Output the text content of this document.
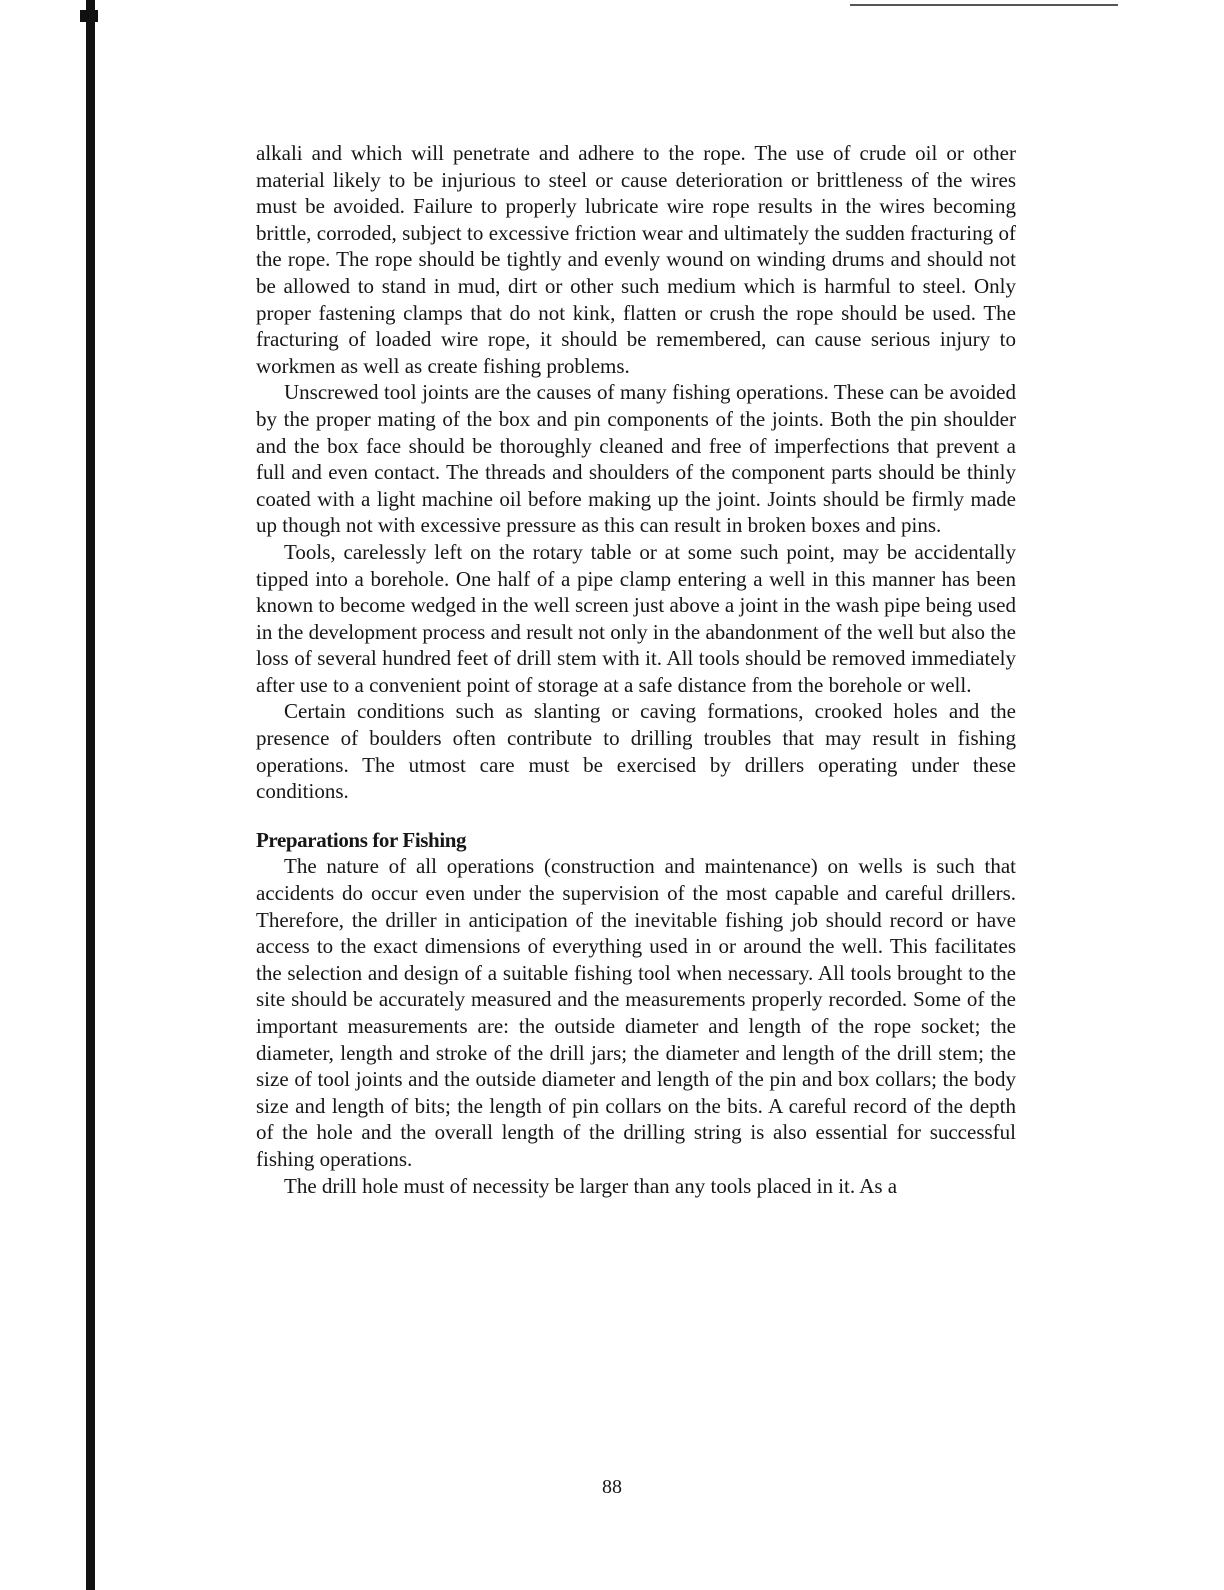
alkali and which will penetrate and adhere to the rope. The use of crude oil or other material likely to be injurious to steel or cause deterioration or brittleness of the wires must be avoided. Failure to properly lubricate wire rope results in the wires becoming brittle, corroded, subject to excessive friction wear and ultimately the sudden fracturing of the rope. The rope should be tightly and evenly wound on winding drums and should not be allowed to stand in mud, dirt or other such medium which is harmful to steel. Only proper fastening clamps that do not kink, flatten or crush the rope should be used. The fracturing of loaded wire rope, it should be remembered, can cause serious injury to workmen as well as create fishing problems.

Unscrewed tool joints are the causes of many fishing operations. These can be avoided by the proper mating of the box and pin components of the joints. Both the pin shoulder and the box face should be thoroughly cleaned and free of imperfections that prevent a full and even contact. The threads and shoulders of the component parts should be thinly coated with a light machine oil before making up the joint. Joints should be firmly made up though not with excessive pressure as this can result in broken boxes and pins.

Tools, carelessly left on the rotary table or at some such point, may be accidentally tipped into a borehole. One half of a pipe clamp entering a well in this manner has been known to become wedged in the well screen just above a joint in the wash pipe being used in the development process and result not only in the abandonment of the well but also the loss of several hundred feet of drill stem with it. All tools should be removed immediately after use to a convenient point of storage at a safe distance from the borehole or well.

Certain conditions such as slanting or caving formations, crooked holes and the presence of boulders often contribute to drilling troubles that may result in fishing operations. The utmost care must be exercised by drillers operating under these conditions.

Preparations for Fishing

The nature of all operations (construction and maintenance) on wells is such that accidents do occur even under the supervision of the most capable and careful drillers. Therefore, the driller in anticipation of the inevitable fishing job should record or have access to the exact dimensions of everything used in or around the well. This facilitates the selection and design of a suitable fishing tool when necessary. All tools brought to the site should be accurately measured and the measurements properly recorded. Some of the important measurements are: the outside diameter and length of the rope socket; the diameter, length and stroke of the drill jars; the diameter and length of the drill stem; the size of tool joints and the outside diameter and length of the pin and box collars; the body size and length of bits; the length of pin collars on the bits. A careful record of the depth of the hole and the overall length of the drilling string is also essential for successful fishing operations.

The drill hole must of necessity be larger than any tools placed in it. As a

88
